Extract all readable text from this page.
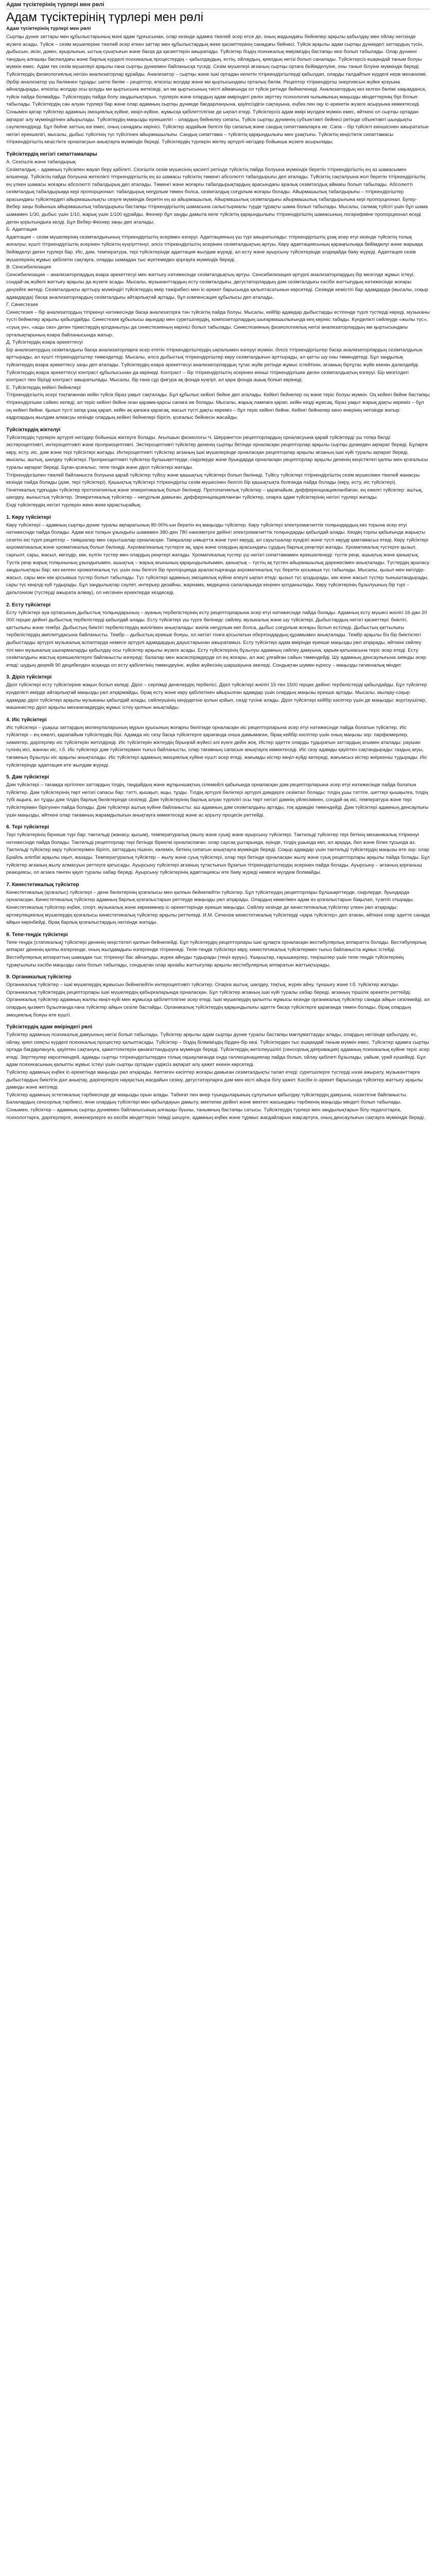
Адам түсіктерінің түрлері мен рөлі
Адам түсіктерінің түрлері мен рөлі
Адам түсіктерінің түрлері мен рөлі
Сыртқы дүние заттары мен құбылыстарының мәні адам тұрғысынан, олар кезінде адамға тікелей әсер етсе де, оның жадындағы бейнелер арқылы қабылдау мен ойлау негізінде жүзеге асады. Түйсік – сезім мүшелеріне тікелей әсер еткен заттар мен құбылыстардың жеке қасиеттерінің санадағы бейнесі. Түйсік арқылы адам сыртқы дүниедегі заттардың түсін, дыбысын, иісін, дәмін, ауырлығын, ыстық-суықтығын және басқа да қасиеттерін ажыратады. Түйсіктер біздің психикалық өміріміздің бастапқы көзі болып табылады. Олар дүниені танудың алғашқы баспалдағы және барлық күрделі психикалық процестердің – қабылдаудың, естің, ойлаудың, қиялдың негізі болып саналады. Түйсіктерсіз ешқандай таным болуы мүмкін емес. Адам тек сезім мүшелері арқылы ғана сыртқы дүниемен байланысқа түседі. Сезім мүшелері ағзаның сыртқы ортаға бейімделуіне, оны танып білуіне мүмкіндік береді. Түйсіктердің физиологиялық негізін анализаторлар құрайды. Анализатор – сыртқы және ішкі ортадан келетін тітіркендіргіштерді қабылдап, оларды талдайтын күрделі нерв механизмі. Әрбір анализатор үш бөлімнен тұрады: шеткі бөлім – рецептор, өткізгіш жолдар және ми қыртысындағы орталық бөлім. Рецептор тітіркендіргіш энергиясын жүйке қозуына айналдырады, өткізгіш жолдар осы қозуды ми қыртысына жеткізеді, ал ми қыртысының тиісті аймағында ол түйсік ретінде бейнеленеді. Анализатордың кез келген бөлімі зақымданса, түйсік пайда болмайды. Түйсіктердің пайда болу заңдылықтарын, түрлерін және олардың адам өміріндегі рөлін зерттеу психология ғылымының маңызды міндеттерінің бірі болып табылады. Түйсіктердің сан алуан түрлері бар және олар адамның сыртқы дүниеде бағдарлануына, қауіпсіздігін сақтауына, еңбек пен оқу іс-әрекетін жүзеге асыруына көмектеседі. Сонымен қатар түйсіктер адамның эмоциялық күйіне, көңіл-күйіне, жұмысқа қабілеттілігіне де ықпал етеді. Түйсіктерсіз адам өмірі мүлдем мүмкін емес, өйткені ол сыртқы ортадан ақпарат алу мүмкіндігінен айырылады. Түйсіктердің маңызды ерекшелігі – олардың бейнелеу сипаты. Түйсік сыртқы дүниенің субъективті бейнесі ретінде объективті шындықты сәулелендіреді. Бұл бейне заттың өзі емес, оның санадағы көрінісі. Түйсіктер әрдайым белгілі бір сапалық және сандық сипаттамаларға ие. Сапа – бір түйсікті екіншісінен ажырататын негізгі ерекшелігі, мысалы, дыбыс түйсігінің түс түйсігінен айырмашылығы. Сандық сипаттама – түйсіктің қарқындылығы мен ұзақтығы. Түйсіктің кеңістіктік сипаттамасы тітіркендіргіштің кеңістікте орналасуын анықтауға мүмкіндік береді. Түйсіктердің түрлерін жіктеу әртүрлі негіздер бойынша жүзеге асырылады.
Түйсіктердің негізгі сипаттамалары
А. Сезгіштік және табалдырық
Сезімталдық – адамның түйсікпен жауап беру қабілеті. Сезгіштік сезім мүшесінің қасиеті ретінде түйсіктің пайда болуына мүмкіндік беретін тітіркендіргіштің ең аз шамасымен өлшенеді. Түйсіктің пайда болуына жеткілікті тітіркендіргіштің ең аз шамасы түйсіктің төменгі абсолютті табалдырығы деп аталады. Түйсіктің сақталуына жол беретін тітіркендіргіштің ең үлкен шамасы жоғарғы абсолютті табалдырық деп аталады. Төменгі және жоғарғы табалдырықтардың арасындағы аралық сезімталдық аймағы болып табылады. Абсолютті сезімталдық табалдырыққа кері пропорционал: табалдырық неғұрлым төмен болса, сезімталдық соғұрлым жоғары болады. Айырмашылық табалдырығы – тітіркендіргіштер арасындағы түйсіктердегі айырмашылықты сезуге мүмкіндік беретін ең аз айырмашылық. Айырмашылық сезімталдығы айырмашылық табалдырығына кері пропорционал. Бугер-Вебер заңы бойынша айырмашылық табалдырығы бастапқы тітіркендіргіштің шамасына салыстырмалы түрде тұрақты шама болып табылады. Мысалы, салмақ түйсігі үшін бұл шама шамамен 1/30, дыбыс үшін 1/10, жарық үшін 1/100 құрайды. Фехнер бұл заңды дамыта келе түйсіктің қарқындылығы тітіркендіргіштің шамасының логарифміне пропорционал өседі деген қорытындыға келді. Бұл Вебер-Фехнер заңы деп аталады.
Б. Адаптация
Адаптация – сезім мүшелерінің сезімталдығының тітіркендіргіштің әсерімен өзгеруі. Адаптацияның үш түрі ажыратылады: тітіркендіргіштің ұзақ әсер етуі кезінде түйсіктің толық жоғалуы; күшті тітіркендіргіштің әсерінен түйсіктің күңгірттенуі; әлсіз тітіркендіргіштің әсерінен сезімталдықтың артуы. Көру адаптациясының қараңғылыққа бейімделуі және жарыққа бейімделуі деген түрлері бар. Иіс, дәм, температура, тері түйсіктерінде адаптация жылдам жүреді, ал есту және ауырсыну түйсіктерінде әлдеқайда баяу жүреді. Адаптация сезім мүшелерінің жұмыс қабілетін сақтауға, оларды шамадан тыс жүктемеден қорғауға мүмкіндік береді.
В. Сенсибилизация
Сенсибилизация – анализаторлардың өзара әрекеттесуі мен жаттығу нәтижесінде сезімталдықтың артуы. Сенсибилизация әртүрлі анализаторлардың бір мезгілде жұмыс істеуі, сондай-ақ жүйелі жаттығу арқылы да жүзеге асады. Мысалы, музыканттардың есту сезімталдығы, дегустаторлардың дәм сезімталдығы кәсіби жаттығудың нәтижесінде жоғары деңгейге жетеді. Сезімталдықты арттыру мүмкіндігі түйсіктердің өмір тәжірибесі мен іс-әрекет барысында қалыптасатынын көрсетеді. Сезімдік кемістігі бар адамдарда (мысалы, соқыр адамдарда) басқа анализаторлардың сезімталдығы айтарлықтай артады, бұл компенсация құбылысы деп аталады.
Г. Синестезия
Синестезия – бір анализатордың тітіркенуі нәтижесінде басқа анализаторға тән түйсіктің пайда болуы. Мысалы, кейбір адамдар дыбыстарды естігенде түрлі түстерді көреді, музыканы түсті бейнелер арқылы қабылдайды. Синестезия құбылысы ақындар мен суретшілердің, композиторлардың шығармашылығында кең көрініс табады. Күнделікті сөйлеуде «жылы түс», «суық үн», «ащы сөз» деген тіркестердің қолданылуы да синестезияның көрінісі болып табылады. Синестезияның физиологиялық негізі анализаторлардың ми қыртысындағы орталықтарының өзара байланысында жатыр.
Д. Түйсіктердің өзара әрекеттесуі
Бір анализатордың сезімталдығы басқа анализаторларға әсер ететін тітіркендіргіштердің ықпалымен өзгеруі мүмкін. Әлсіз тітіркендіргіштер басқа анализаторлардың сезімталдығын арттырады, ал күшті тітіркендіргіштер төмендетеді. Мысалы, әлсіз дыбыстық тітіркендіргіштер көру сезімталдығын арттырады, ал қатты шу оны төмендетеді. Бұл заңдылық түйсіктердің өзара әрекеттесу заңы деп аталады. Түйсіктердің өзара әрекеттесуі анализаторлардың тұтас жүйе ретінде жұмыс істейтінін, ағзаның біртұтас жүйе екенін дәлелдейді. Түйсіктердің өзара әрекеттесуі контраст құбылысынан да көрінеді. Контраст – бір тітіркендіргіштің әсерінен екінші тітіркендіргішке деген сезімталдықтың өзгеруі. Бір мезгілдегі контраст пен бірізді контраст ажыратылады. Мысалы, бір ғана сұр фигура ақ фонда күңгірт, ал қара фонда ашық болып көрінеді.
Е. Түйсіктердің кейінгі бейнелері
Тітіркендіргіштің әсері тоқтағаннан кейін түйсік біраз уақыт сақталады. Бұл құбылыс кейінгі бейне деп аталады. Кейінгі бейнелер оң және теріс болуы мүмкін. Оң кейінгі бейне бастапқы тітіркендіргішке сәйкес келеді, ал теріс кейінгі бейне оған қарама-қарсы сапаға ие болады. Мысалы, жарық лампаға қарап, кейін көзді жұмсақ, біраз уақыт жарық дақты көреміз – бұл оң кейінгі бейне. Қызыл түсті затқа ұзақ қарап, кейін ақ қағазға қарасақ, жасыл түсті дақты көреміз – бұл теріс кейінгі бейне. Кейінгі бейнелер кино өнерінің негізінде жатыр: кадрлардың жылдам алмасуы кезінде олардың кейінгі бейнелері бірігіп, қозғалыс бейнесін жасайды.
Түйсіктердің жіктелуі
Түйсіктердің түрлерін әртүрлі негіздер бойынша жіктеуге болады. Ағылшын физиологы Ч. Шеррингтон рецепторлардың орналасуына қарай түйсіктерді үш топқа бөлді: экстероцептивті, интероцептивті және проприоцептивті. Экстероцептивті түйсіктер дененің сыртқы бетінде орналасқан рецепторлар арқылы сыртқы дүниеден ақпарат береді. Бұларға көру, есту, иіс, дәм және тері түйсіктері жатады. Интероцептивті түйсіктер ағзаның ішкі мүшелерінде орналасқан рецепторлар арқылы ағзаның ішкі күйі туралы ақпарат береді, мысалы, аштық, шөлдеу түйсіктері. Проприоцептивті түйсіктер бұлшықеттерде, сіңірлерде және буындарда орналасқан рецепторлар арқылы дененің кеңістіктегі қалпы мен қозғалысы туралы ақпарат береді. Бұған қозғалыс, тепе-теңдік және діріл түйсіктері жатады.
Тітіркендіргішпен тікелей байланыста болуына қарай түйсіктер түйісу және қашықтық түйсіктері болып бөлінеді. Түйісу түйсіктері тітіркендіргіштің сезім мүшесімен тікелей жанасуы кезінде пайда болады (дәм, тері түйсіктері). Қашықтық түйсіктері тітіркендіргіш сезім мүшесінен белгілі бір қашықтықта болғанда пайда болады (көру, есту, иіс түйсіктері).
Генетикалық тұрғыдан түйсіктер протопатиялық және эпикритикалық болып бөлінеді. Протопатиялық түйсіктер – қарапайым, дифференциацияланбаған, ең ежелгі түйсіктер: аштық, шөлдеу, жыныстық түйсіктер. Эпикритикалық түйсіктер – неғұрлым дамыған, дифференциацияланған түйсіктер, оларға адам түйсіктерінің негізгі түрлері жатады.
Енді түйсіктердің негізгі түрлерін жеке-жеке қарастырайық.
1. Көру түйсіктері
Көру түйсіктері – адамның сыртқы дүние туралы ақпаратының 80-90%-ын беретін ең маңызды түйсіктер. Көру түйсіктері электромагниттік толқындардың көз торына әсер етуі нәтижесінде пайда болады. Адам көзі толқын ұзындығы шамамен 380-ден 780 нанометрге дейінгі электромагниттік толқындарды қабылдай алады. Көздің торлы қабығында жарықты сезетін екі түрлі рецептор – таяқшалар мен сауытшалар орналасқан. Таяқшалар ымыртта және түнгі көруді, ал сауытшалар күндізгі және түсті көруді қамтамасыз етеді. Көру түйсіктері ахроматикалық және хроматикалық болып бөлінеді. Ахроматикалық түстерге ақ, қара және олардың арасындағы сұрдың барлық реңктері жатады. Хроматикалық түстерге қызыл, сарғылт, сары, жасыл, көгілдір, көк, күлгін түстер мен олардың реңктері жатады. Хроматикалық түстер үш негізгі сипаттамамен ерекшеленеді: түстік реңк, ашықтық және қанықтық. Түстік реңк жарық толқынының ұзындығымен, ашықтық – жарық ағынының қарқындылығымен, қанықтық – түстің ақ түстен айырмашылық дәрежесімен анықталады. Түстердің араласу заңдылықтары бар: кез келген хроматикалық түс үшін оны белгілі бір пропорцияда араластырғанда ахроматикалық түс беретін қосымша түс табылады. Мысалы, қызыл мен көгілдір-жасыл, сары мен көк қосымша түстер болып табылады. Түс түйсіктері адамның эмоциялық күйіне елеулі ықпал етеді: қызыл түс қоздырады, көк және жасыл түстер тыныштандырады, сары түс көңілді күй тудырады. Бұл заңдылықтар сәулет, интерьер дизайны, жарнама, медицина салаларында кеңінен қолданылады. Көру түйсіктерінің бұзылуының бір түрі – дальтонизм (түстерді ажырата алмау), ол негізінен еркектерде кездеседі.
2. Есту түйсіктері
Есту түйсіктері ауа ортасының дыбыстық толқындарының – ауаның тербелістерінің есту рецепторларына әсер етуі нәтижесінде пайда болады. Адамның есту мүшесі жиілігі 16-дан 20 000 герцке дейінгі дыбыстық тербелістерді қабылдай алады. Есту түйсіктері үш түрге бөлінеді: сөйлеу, музыкалық және шу түйсіктері. Дыбыстардың негізгі қасиеттері: биіктігі, қаттылығы және тембрі. Дыбыстың биіктігі тербелістердің жиілігімен анықталады: жиілік неғұрлым көп болса, дыбыс соғұрлым жоғары болып естіледі. Дыбыстың қаттылығы тербелістердің амплитудасына байланысты. Тембр – дыбыстың ерекше бояуы, ол негізгі тонға қосылатын обертондардың құрамымен анықталады. Тембр арқылы біз бір биіктіктегі дыбыстарды әртүрлі музыкалық аспаптарда немесе әртүрлі адамдардың дауыстарынан ажыратамыз. Есту түйсіктері адам өмірінде ерекше маңызды рөл атқарады, өйткені сөйлеу тілі мен музыкалық шығармаларды қабылдау осы түйсіктер арқылы жүзеге асады. Есту түйсіктерінің бұзылуы адамның сөйлеу дамуына, қарым-қатынасына теріс әсер етеді. Есту сезімталдығы жастық ерекшеліктерге байланысты өзгереді: балалар мен жасөспірімдерде ол ең жоғары, ал жас ұлғайған сайын төмендейді. Шу адамның денсаулығына зиянды әсер етеді: шудың деңгейі 90 децибелден асқанда ол есту қабілетінің төмендеуіне, жүйке жүйесінің шаршауына әкеледі. Сондықтан шумен күресу – маңызды гигиеналық міндет.
3. Діріл түйсіктері
Діріл түйсіктері есту түйсіктеріне жақын болып келеді. Діріл – серпімді денелердің тербелісі. Діріл түйсіктері жиілігі 15-тен 1500 герцке дейінгі тербелістерді қабылдайды. Бұл түйсіктер күнделікті өмірде айтарлықтай маңызды рөл атқармайды, бірақ есту және көру қабілетінен айырылған адамдар үшін олардың маңызы ерекше артады. Мысалы, мылқау-соқыр адамдар діріл түйсіктері арқылы музыканы қабылдай алады, сөйлеушінің кеңірдегіне қолын қойып, сөзді түсіне алады. Діріл түйсіктері кейбір кәсіптер үшін де маңызды: жүргізушілер, машинистер діріл арқылы механизмдердің жұмыс істеу қалпын анықтайды.
4. Иіс түйсіктері
Иіс түйсіктері – ұшқыш заттардың молекулаларының мұрын қуысының жоғарғы бөлігінде орналасқан иіс рецепторларына әсер етуі нәтижесінде пайда болатын түйсіктер. Иіс түйсіктері – ең ежелгі, қарапайым түйсіктердің бірі. Адамда иіс сезу басқа түйсіктерге қарағанда онша дамымаған, бірақ кейбір кәсіптер үшін оның маңызы зор: парфюмерлер, химиктер, дәрігерлер иіс түйсіктерін жетілдіреді. Иіс түйсіктерін жіктеудің бірыңғай жүйесі әлі күнге дейін жоқ. Иістер әдетте оларды тудыратын заттардың атымен аталады: раушан гүлінің иісі, жанған иіс, т.б. Иіс түйсіктері дәм түйсіктерімен тығыз байланысты, олар тағамның сапасын анықтауға көмектеседі. Иіс сезу адамды қауіптен сақтандырады: газдың ағуы, тағамның бұзылуы иіс арқылы анықталады. Иіс түйсіктері адамның эмоциялық күйіне күшті әсер етеді, жағымды иістер көңіл-күйді көтереді, жағымсыз иістер жиіркеніш тудырады. Иіс түйсіктерінде адаптация өте жылдам жүреді.
5. Дәм түйсіктері
Дәм түйсіктері – тағамда ерітілген заттардың тілдің, таңдайдың және жұтқыншақтың сілемейлі қабығында орналасқан дәм рецепторларына әсер етуі нәтижесінде пайда болатын түйсіктер. Дәм түйсіктерінің төрт негізгі сапасы бар: тәтті, қышқыл, ащы, тұзды. Тілдің әртүрлі бөліктері әртүрлі дәмдерге сезімтал болады: тілдің ұшы тәттіге, шеттері қышқылға, тілдің түбі ащыға, ал тұзды дәм тілдің барлық бөліктерінде сезіледі. Дәм түйсіктерінің барлық алуан түрлілігі осы төрт негізгі дәмнің үйлесімінен, сондай-ақ иіс, температура және тері түйсіктерімен бірігуінен пайда болады. Дәм түйсіктері аштық күйіне байланысты: аш адамның дәм сезімталдығы артады, тоқ адамдікі төмендейді. Дәм түйсіктері адамның денсаулығы үшін маңызды, өйткені олар тағамның жарамдылығын анықтауға көмектеседі және ас қорыту процесін реттейді.
6. Тері түйсіктері
Тері түйсіктерінің бірнеше түрі бар: тактильді (жанасу, қысым), температуралық (жылу және суық) және ауырсыну түйсіктері. Тактильді түйсіктер тері бетінің механикалық тітіркенуі нәтижесінде пайда болады. Тактильді рецепторлар тері бетінде біркелкі орналаспаған: олар саусақ ұштарында, ерінде, тілдің ұшында көп, ал арқада, бел және білек тұсында аз. Тактильді түйсіктер көру түйсіктерімен бірігіп, заттардың пішінін, көлемін, бетінің сипатын анықтауға мүмкіндік береді. Соқыр адамдар үшін тактильді түйсіктердің маңызы өте зор: олар Брайль әліпбиі арқылы оқып, жазады. Температуралық түйсіктер – жылу және суық түйсіктері, олар тері бетінде орналасқан жылу және суық рецепторлары арқылы пайда болады. Бұл түйсіктер ағзаның жылу алмасуын реттеуге қатысады. Ауырсыну түйсіктері ағзаның тұтастығын бұзатын тітіркендіргіштердің әсерінен пайда болады. Ауырсыну – ағзаның қорғаныш реакциясы, ол ағзаға төнген қауіп туралы хабар береді. Ауырсыну түйсіктерінің адаптациясы өте баяу жүреді немесе мүлдем болмайды.
7. Кинестетикалық түйсіктер
Кинестетикалық (қозғалыс) түйсіктері – дене бөліктерінің қозғалысы мен қалпын бейнелейтін түйсіктер. Бұл түйсіктердің рецепторлары бұлшықеттерде, сіңірлерде, буындарда орналасқан. Кинестетикалық түйсіктер адамның барлық қозғалыстарын реттеуде маңызды рөл атқарады. Олардың көмегімен адам өз қозғалыстарын бақылап, түзетіп отырады. Кинестетикалық түйсіктер еңбек, спорт, музыкалық және көркемөнер іс-әрекеттерінде ерекше маңызды. Сөйлеу кезінде де кинестетикалық түйсіктер үлкен рөл атқарады: артикуляциялық мүшелердің қозғалысы кинестетикалық түйсіктер арқылы реттеледі. И.М. Сеченов кинестетикалық түйсіктерді «қара түйсіктер» деп атаған, өйткені олар әдетте санада айқын көрінбейді, бірақ барлық қозғалыстардың негізінде жатады.
8. Тепе-теңдік түйсіктері
Тепе-теңдік (статикалық) түйсіктері дененің кеңістіктегі қалпын бейнелейді. Бұл түйсіктердің рецепторлары ішкі құлақта орналасқан вестибулярлық аппаратта болады. Вестибулярлық аппарат дененің қалпы өзгергенде, оның жылдамдығы өзгергенде тітіркенеді. Тепе-теңдік түйсіктері көру, кинестетикалық түйсіктермен тығыз байланыста жұмыс істейді. Вестибулярлық аппараттың шамадан тыс тітіркенуі бас айналуды, жүрек айнуды тудырады (теңіз ауруы). Ұшқыштар, ғарышкерлер, теңізшілер үшін тепе-теңдік түйсіктерінің тұрақтылығы кәсіби маңызды сапа болып табылады, сондықтан олар арнайы жаттығулар арқылы вестибулярлық аппаратын жаттықтырады.
9. Органикалық түйсіктер
Органикалық түйсіктер – ішкі мүшелердің жұмысын бейнелейтін интероцептивті түйсіктер. Оларға аштық, шөлдеу, тоқтық, жүрек айну, тұншығу және т.б. түйсіктер жатады. Органикалық түйсіктердің рецепторлары ішкі мүшелердің қабырғаларында орналасқан. Бұл түйсіктер ағзаның ішкі күйі туралы хабар береді, ағзаның тіршілік әрекетін реттейді. Органикалық түйсіктер адамның жалпы көңіл-күйі мен жұмысқа қабілеттілігіне әсер етеді. Ішкі мүшелердің қалыпты жұмысы кезінде органикалық түйсіктер санада айқын сезілмейді, ал олардың қызметі бұзылғанда ғана түйсіктер айқын сезіле бастайды. Органикалық түйсіктердің қарқындылығы әдетте басқа түйсіктерге қарағанда төмен болады, бірақ олардың эмоциялық бояуы өте күшті.
Түйсіктердің адам өміріндегі рөлі
Түйсіктер адамның психикалық дамуының негізі болып табылады. Түйсіктер арқылы адам сыртқы дүние туралы бастапқы мағлұматтарды алады, олардың негізінде қабылдау, ес, ойлау, қиял сияқты күрделі психикалық процестер қалыптасады. Түйсіктер – біздің біліміміздің бірден-бір көзі. Түйсіктерден тыс ешқандай таным мүмкін емес. Түйсіктер адамға сыртқы ортада бағдарлануға, қауіптен сақтануға, қажеттіліктерін қанағаттандыруға мүмкіндік береді. Түйсіктердің жетіспеушілігі (сенсорлық депривация) адамның психикалық күйіне теріс әсер етеді. Зерттеулер көрсеткендей, адамды сыртқы тітіркендіргіштерден толық оқшаулағанда онда галлюцинациялар пайда болып, ойлау қабілеті бұзылады, уайым, үрей күшейеді. Бұл адам психикасының қалыпты жұмыс істеуі үшін сыртқы ортадан үздіксіз ақпарат алу қажет екенін көрсетеді.
Түйсіктер адамның еңбек іс-әрекетінде маңызды рөл атқарады. Көптеген кәсіптер жоғары дамыған сезімталдықты талап етеді: суретшілерге түстерді нәзік ажырату, музыканттарға дыбыстардың биіктігін дәл анықтау, дәрігерлерге науқастың жағдайын сезіну, дегустаторларға дәм мен иісті айыра білу қажет. Кәсіби іс-әрекет барысында түйсіктер жаттығу арқылы дамиды және жетіледі.
Түйсіктер адамның эстетикалық тәрбиесінде де маңызды орын алады. Табиғат пен өнер туындыларының сұлулығын қабылдау түйсіктердің дамуына, нәзіктігіне байланысты. Балалардың сенсорлық тәрбиесі, яғни олардың түйсіктері мен қабылдауын дамыту, мектепке дейінгі және мектеп жасындағы тәрбиенің маңызды міндеті болып табылады.
Сонымен, түйсіктер – адамның сыртқы дүниемен байланысының алғашқы буыны, танымның бастапқы сатысы. Түйсіктердің түрлері мен заңдылықтарын білу педагогтарға, психологтарға, дәрігерлерге, инженерлерге өз кәсіби міндеттерін тиімді шешуге, адамның еңбек және тұрмыс жағдайларын жақсартуға, оның денсаулығын сақтауға мүмкіндік береді.
